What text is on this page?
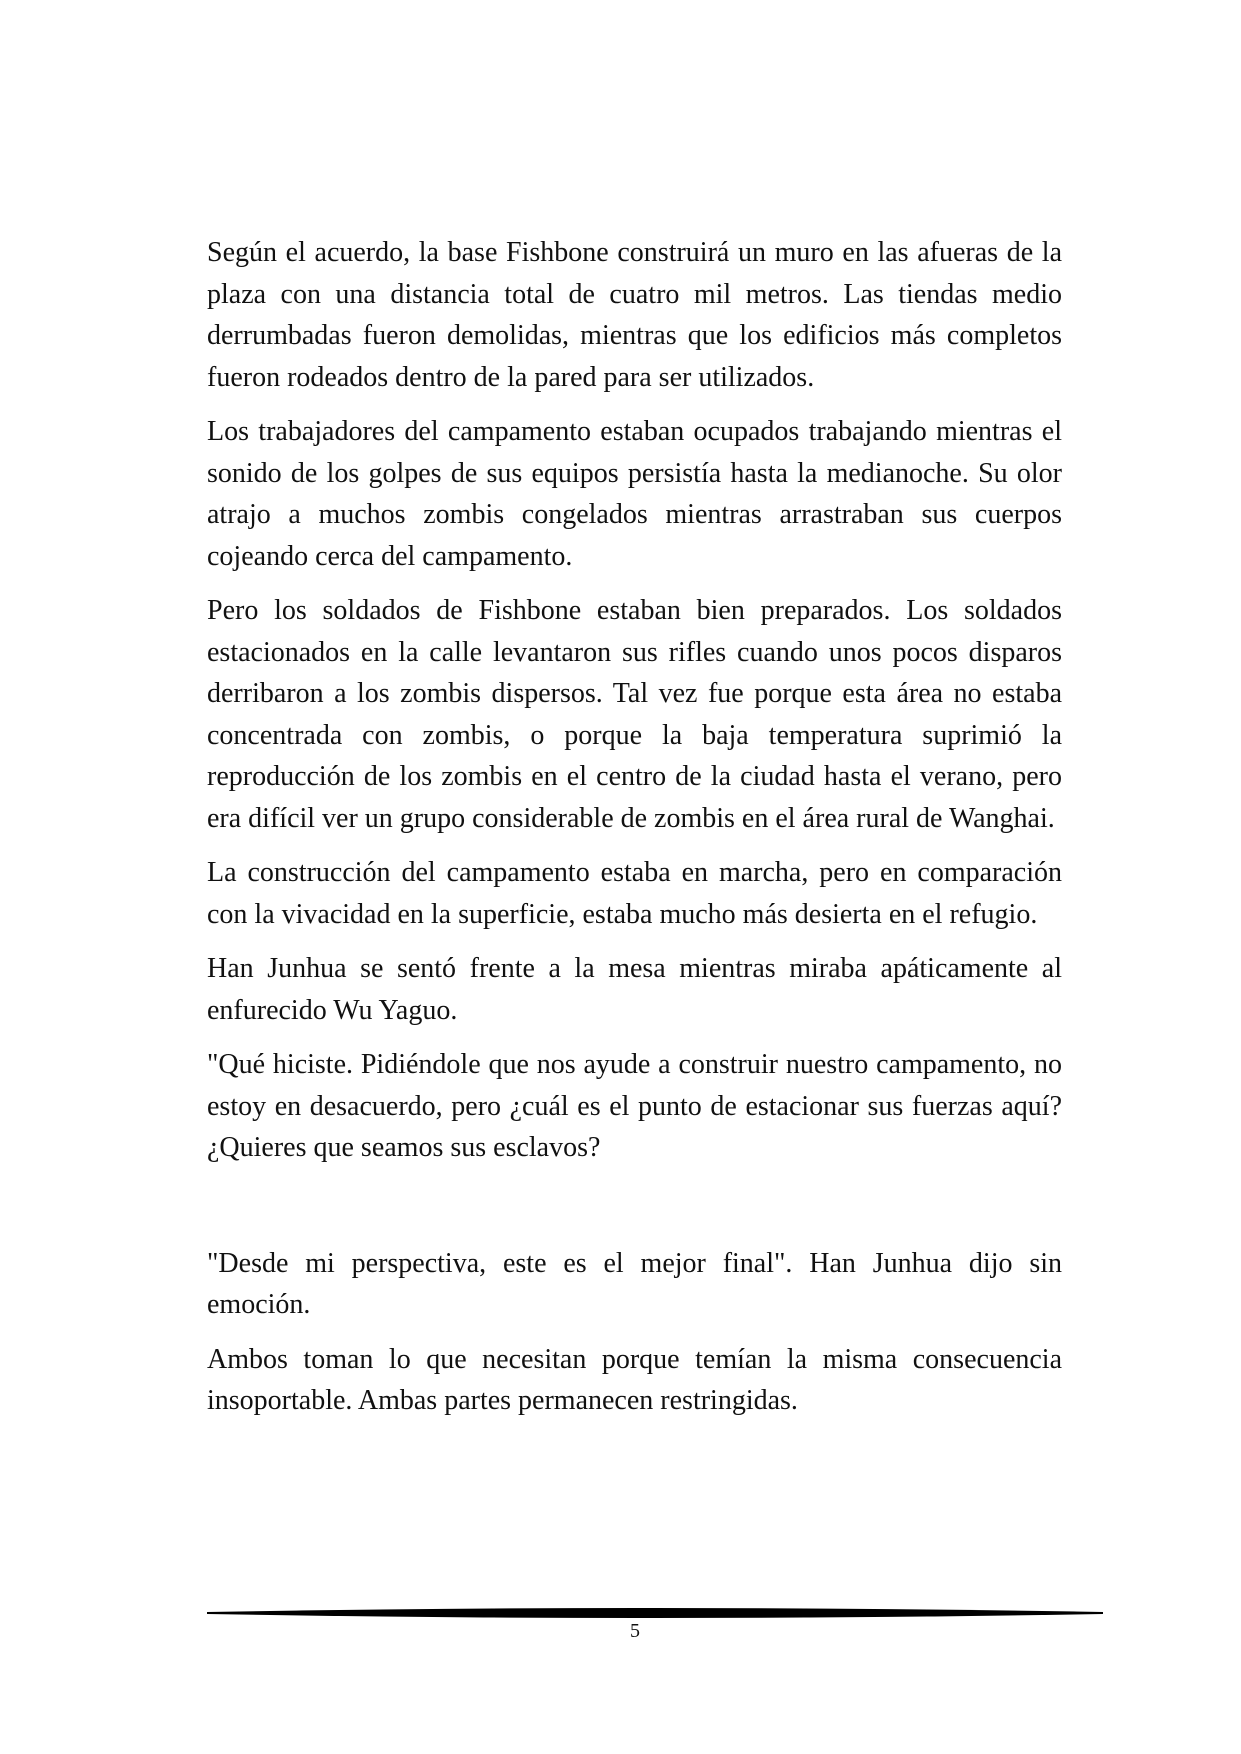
Según el acuerdo, la base Fishbone construirá un muro en las afueras de la plaza con una distancia total de cuatro mil metros. Las tiendas medio derrumbadas fueron demolidas, mientras que los edificios más completos fueron rodeados dentro de la pared para ser utilizados.

Los trabajadores del campamento estaban ocupados trabajando mientras el sonido de los golpes de sus equipos persistía hasta la medianoche. Su olor atrajo a muchos zombis congelados mientras arrastraban sus cuerpos cojeando cerca del campamento.

Pero los soldados de Fishbone estaban bien preparados. Los soldados estacionados en la calle levantaron sus rifles cuando unos pocos disparos derribaron a los zombis dispersos. Tal vez fue porque esta área no estaba concentrada con zombis, o porque la baja temperatura suprimió la reproducción de los zombis en el centro de la ciudad hasta el verano, pero era difícil ver un grupo considerable de zombis en el área rural de Wanghai.

La construcción del campamento estaba en marcha, pero en comparación con la vivacidad en la superficie, estaba mucho más desierta en el refugio.

Han Junhua se sentó frente a la mesa mientras miraba apáticamente al enfurecido Wu Yaguo.

"Qué hiciste. Pidiéndole que nos ayude a construir nuestro campamento, no estoy en desacuerdo, pero ¿cuál es el punto de estacionar sus fuerzas aquí? ¿Quieres que seamos sus esclavos?

"Desde mi perspectiva, este es el mejor final". Han Junhua dijo sin emoción.

Ambos toman lo que necesitan porque temían la misma consecuencia insoportable. Ambas partes permanecen restringidas.

5
